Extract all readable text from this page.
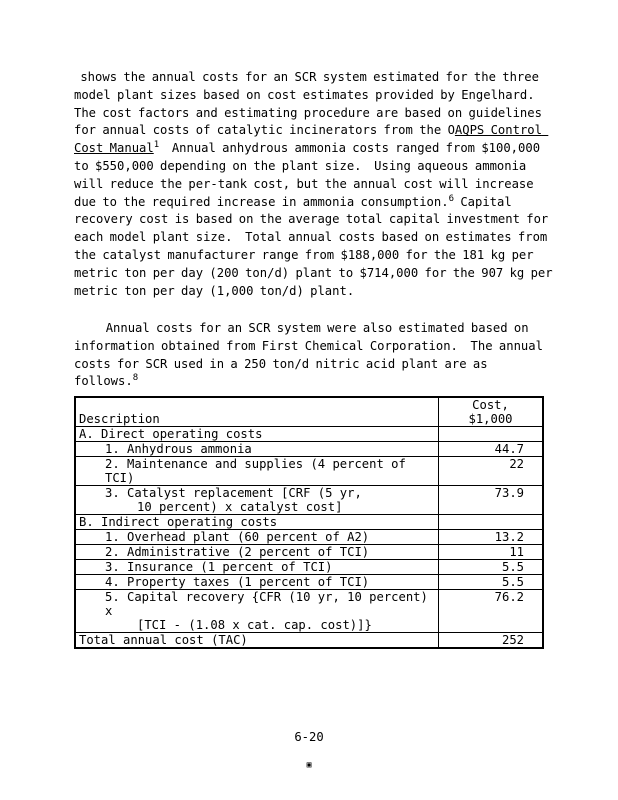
shows the annual costs for an SCR system estimated for the three model plant sizes based on cost estimates provided by Engelhard. The cost factors and estimating procedure are based on guidelines for annual costs of catalytic incinerators from the OAQPS Control Cost Manual$^1$  Annual anhydrous ammonia costs ranged from $100,000 to $550,000 depending on the plant size.  Using aqueous ammonia will reduce the per-tank cost, but the annual cost will increase due to the required increase in ammonia consumption.$^6$ Capital recovery cost is based on the average total capital investment for each model plant size.  Total annual costs based on estimates from the catalyst manufacturer range from $188,000 for the 181 kg per metric ton per day (200 ton/d) plant to $714,000 for the 907 kg per metric ton per day (1,000 ton/d) plant.
Annual costs for an SCR system were also estimated based on information obtained from First Chemical Corporation.  The annual costs for SCR used in a 250 ton/d nitric acid plant are as follows.$^8$
Description	Cost,
$1,000
A. Direct operating costs	
1. Anhydrous ammonia	44.7
2. Maintenance and supplies (4 percent of TCI)	22
3. Catalyst replacement [CRF (5 yr,
10 percent) x catalyst cost]	73.9
B. Indirect operating costs	
1. Overhead plant (60 percent of A2)	13.2
2. Administrative (2 percent of TCI)	11
3. Insurance (1 percent of TCI)	5.5
4. Property taxes (1 percent of TCI)	5.5
5. Capital recovery {CFR (10 yr, 10 percent) x
[TCI - (1.08 x cat. cap. cost)]}	76.2
Total annual cost (TAC)	252
6-20
▣
